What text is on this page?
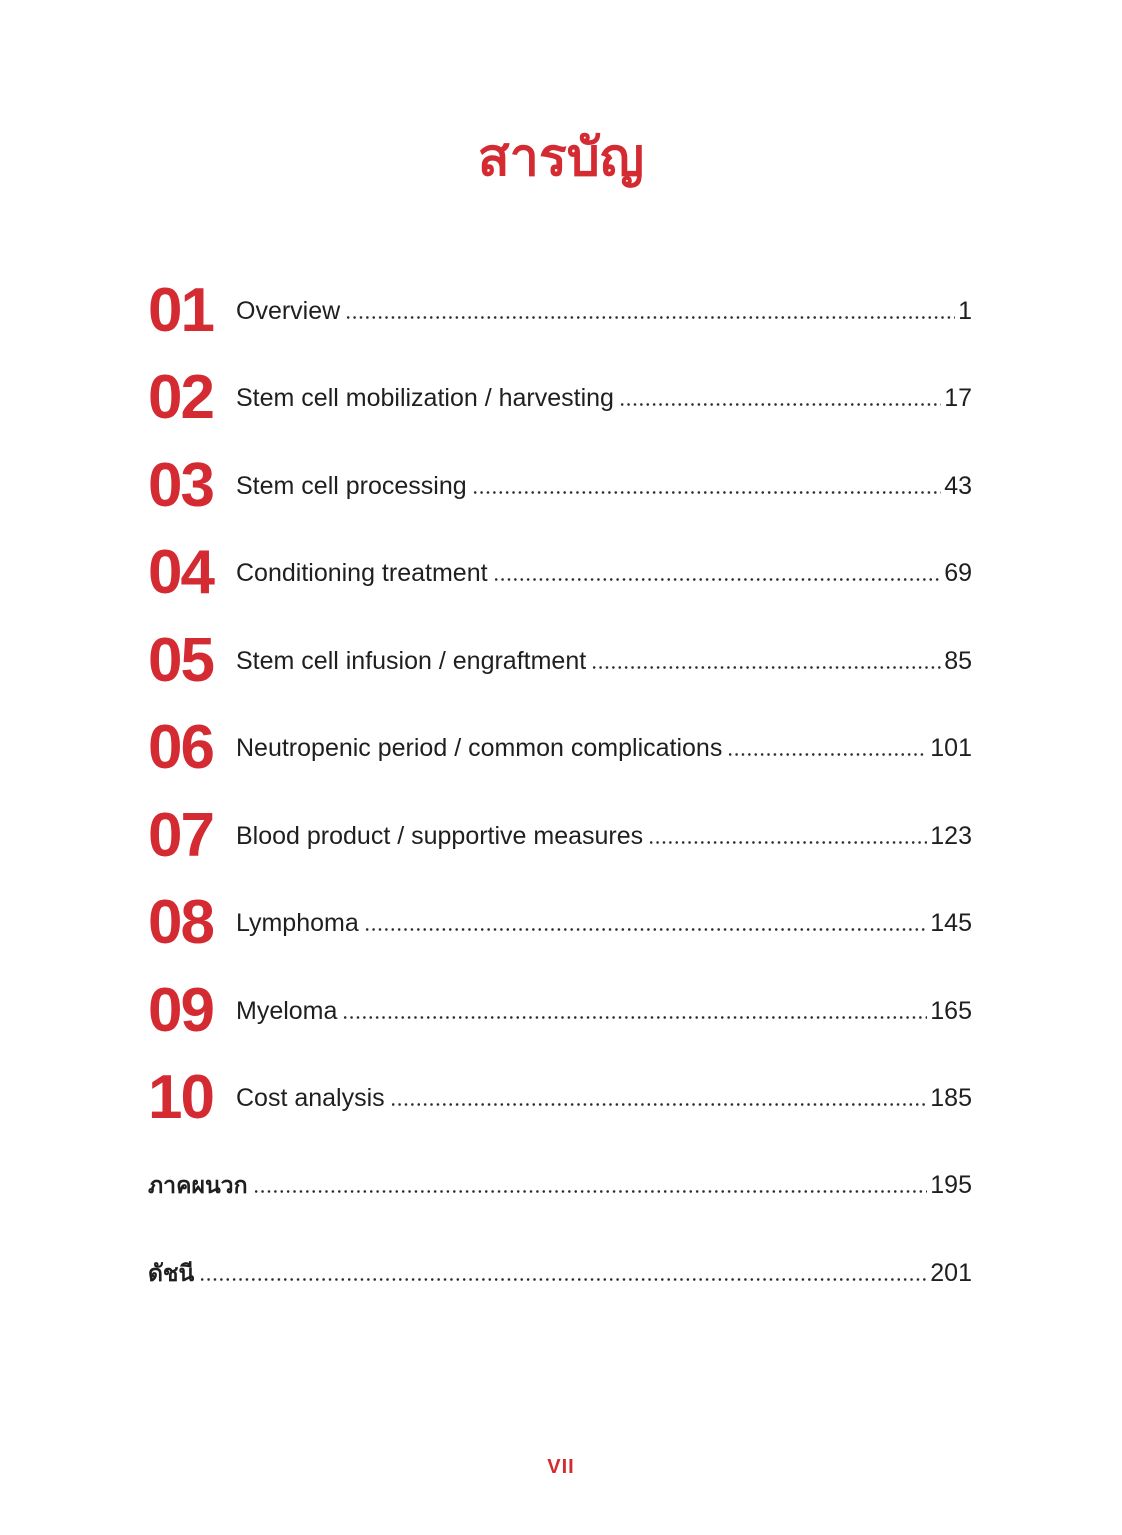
สารบัญ
01 Overview	1
02 Stem cell mobilization / harvesting	17
03 Stem cell processing	43
04 Conditioning treatment	69
05 Stem cell infusion / engraftment	85
06 Neutropenic period / common complications	101
07 Blood product / supportive measures	123
08 Lymphoma	145
09 Myeloma	165
10 Cost analysis	185
ภาคผนวก	195
ดัชนี	201
VII
